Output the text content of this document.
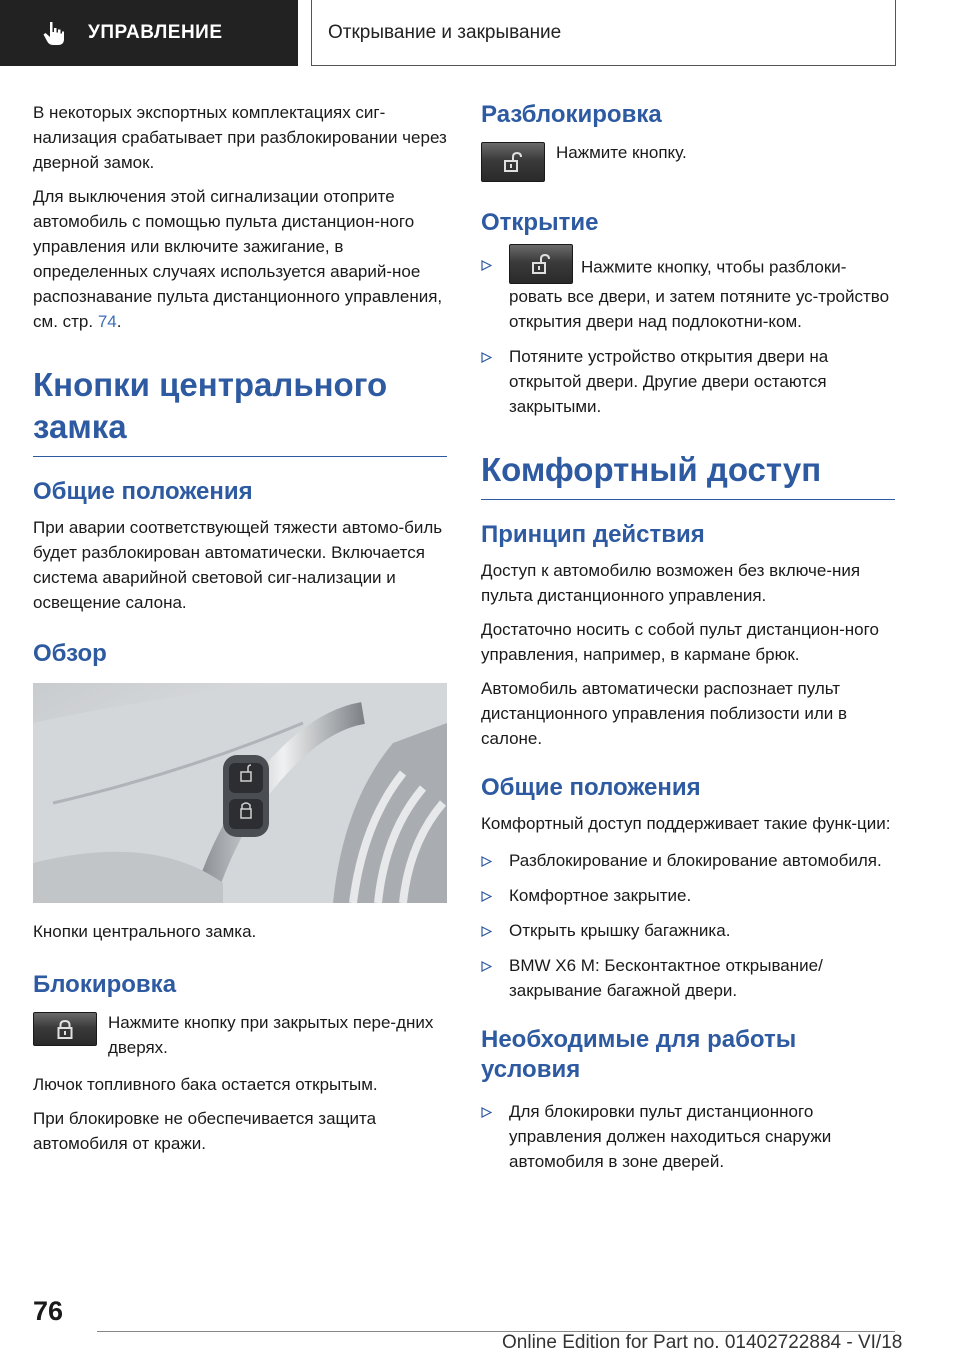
УПРАВЛЕНИЕ	Открывание и закрывание

В некоторых экспортных комплектациях сиг-нализация срабатывает при разблокировании через дверной замок.

Для выключения этой сигнализации отоприте автомобиль с помощью пульта дистанцион-ного управления или включите зажигание, в определенных случаях используется аварий-ное распознавание пульта дистанционного управления, см. стр. 74.

Кнопки центрального замка
Общие положения

При аварии соответствующей тяжести автомо-биль будет разблокирован автоматически. Включается система аварийной световой сиг-нализации и освещение салона.

Обзор

Кнопки центрального замка.

Блокировка
Нажмите кнопку при закрытых пере-дних дверях.

Лючок топливного бака остается открытым.

При блокировке не обеспечивается защита автомобиля от кражи.

Разблокировка
Нажмите кнопку.
Открытие
Нажмите кнопку, чтобы разблоки-ровать все двери, и затем потяните ус-тройство открытия двери над подлокотни-ком.
Потяните устройство открытия двери на открытой двери. Другие двери остаются закрытыми.
Комфортный доступ
Принцип действия

Доступ к автомобилю возможен без включе-ния пульта дистанционного управления.

Достаточно носить с собой пульт дистанцион-ного управления, например, в кармане брюк.

Автомобиль автоматически распознает пульт дистанционного управления поблизости или в салоне.

Общие положения

Комфортный доступ поддерживает такие функ-ции:

Разблокирование и блокирование автомобиля.
Комфортное закрытие.
Открыть крышку багажника.
BMW X6 M: Бесконтактное открывание/ закрывание багажной двери.
Необходимые для работы условия
Для блокировки пульт дистанционного управления должен находиться снаружи автомобиля в зоне дверей.
76
Online Edition for Part no. 01402722884 - VI/18
